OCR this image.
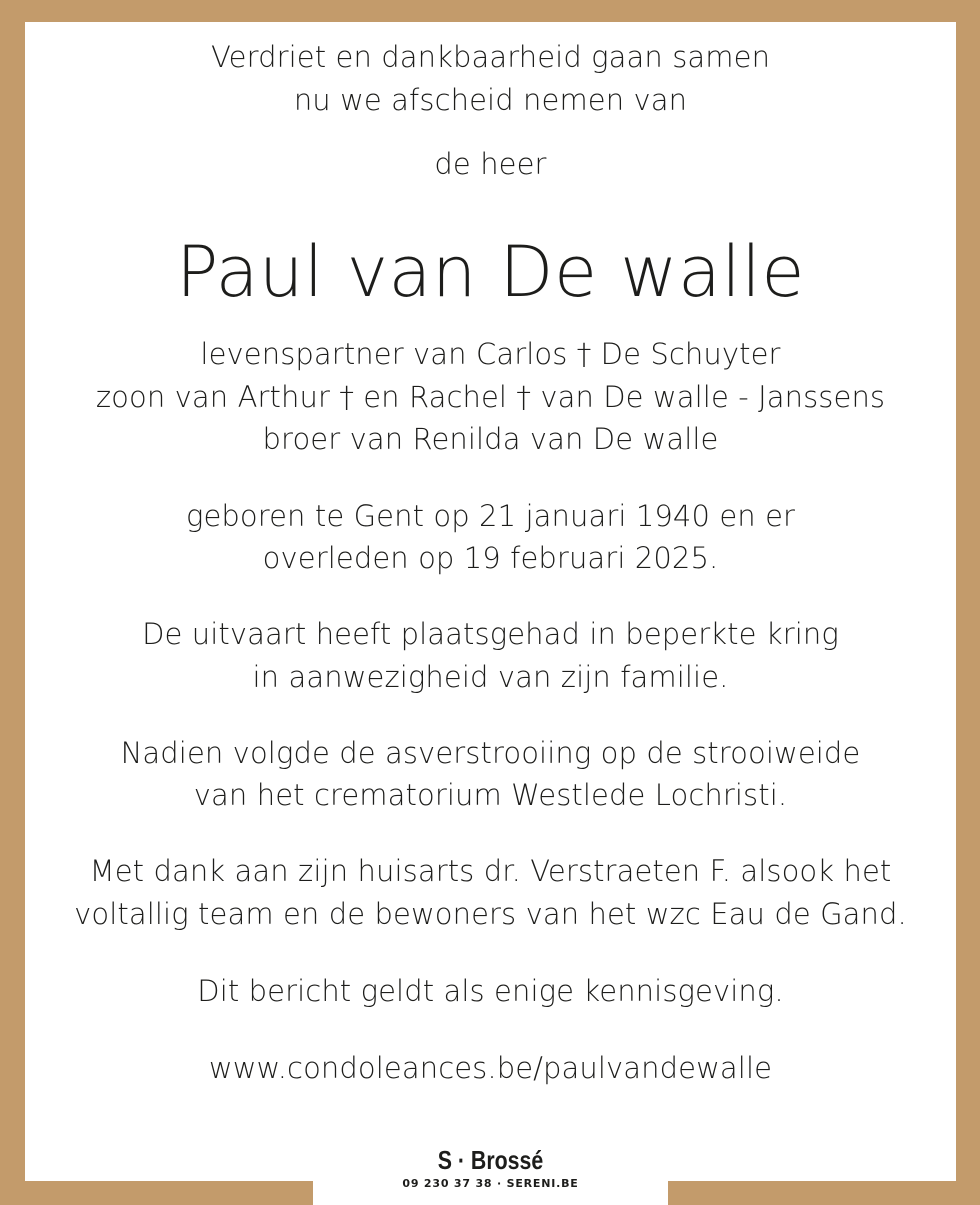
Verdriet en dankbaarheid gaan samen
nu we afscheid nemen van
de heer
Paul van De walle
levenspartner van Carlos † De Schuyter
zoon van Arthur † en Rachel † van De walle - Janssens
broer van Renilda van De walle
geboren te Gent op 21 januari 1940 en er
overleden op 19 februari 2025.
De uitvaart heeft plaatsgehad in beperkte kring
in aanwezigheid van zijn familie.
Nadien volgde de asverstrooiing op de strooiweide
van het crematorium Westlede Lochristi.
Met dank aan zijn huisarts dr. Verstraeten F. alsook het
voltallig team en de bewoners van het wzc Eau de Gand.
Dit bericht geldt als enige kennisgeving.
www.condoleances.be/paulvandewalle
S · Brossé
09 230 37 38 · SERENI.BE
